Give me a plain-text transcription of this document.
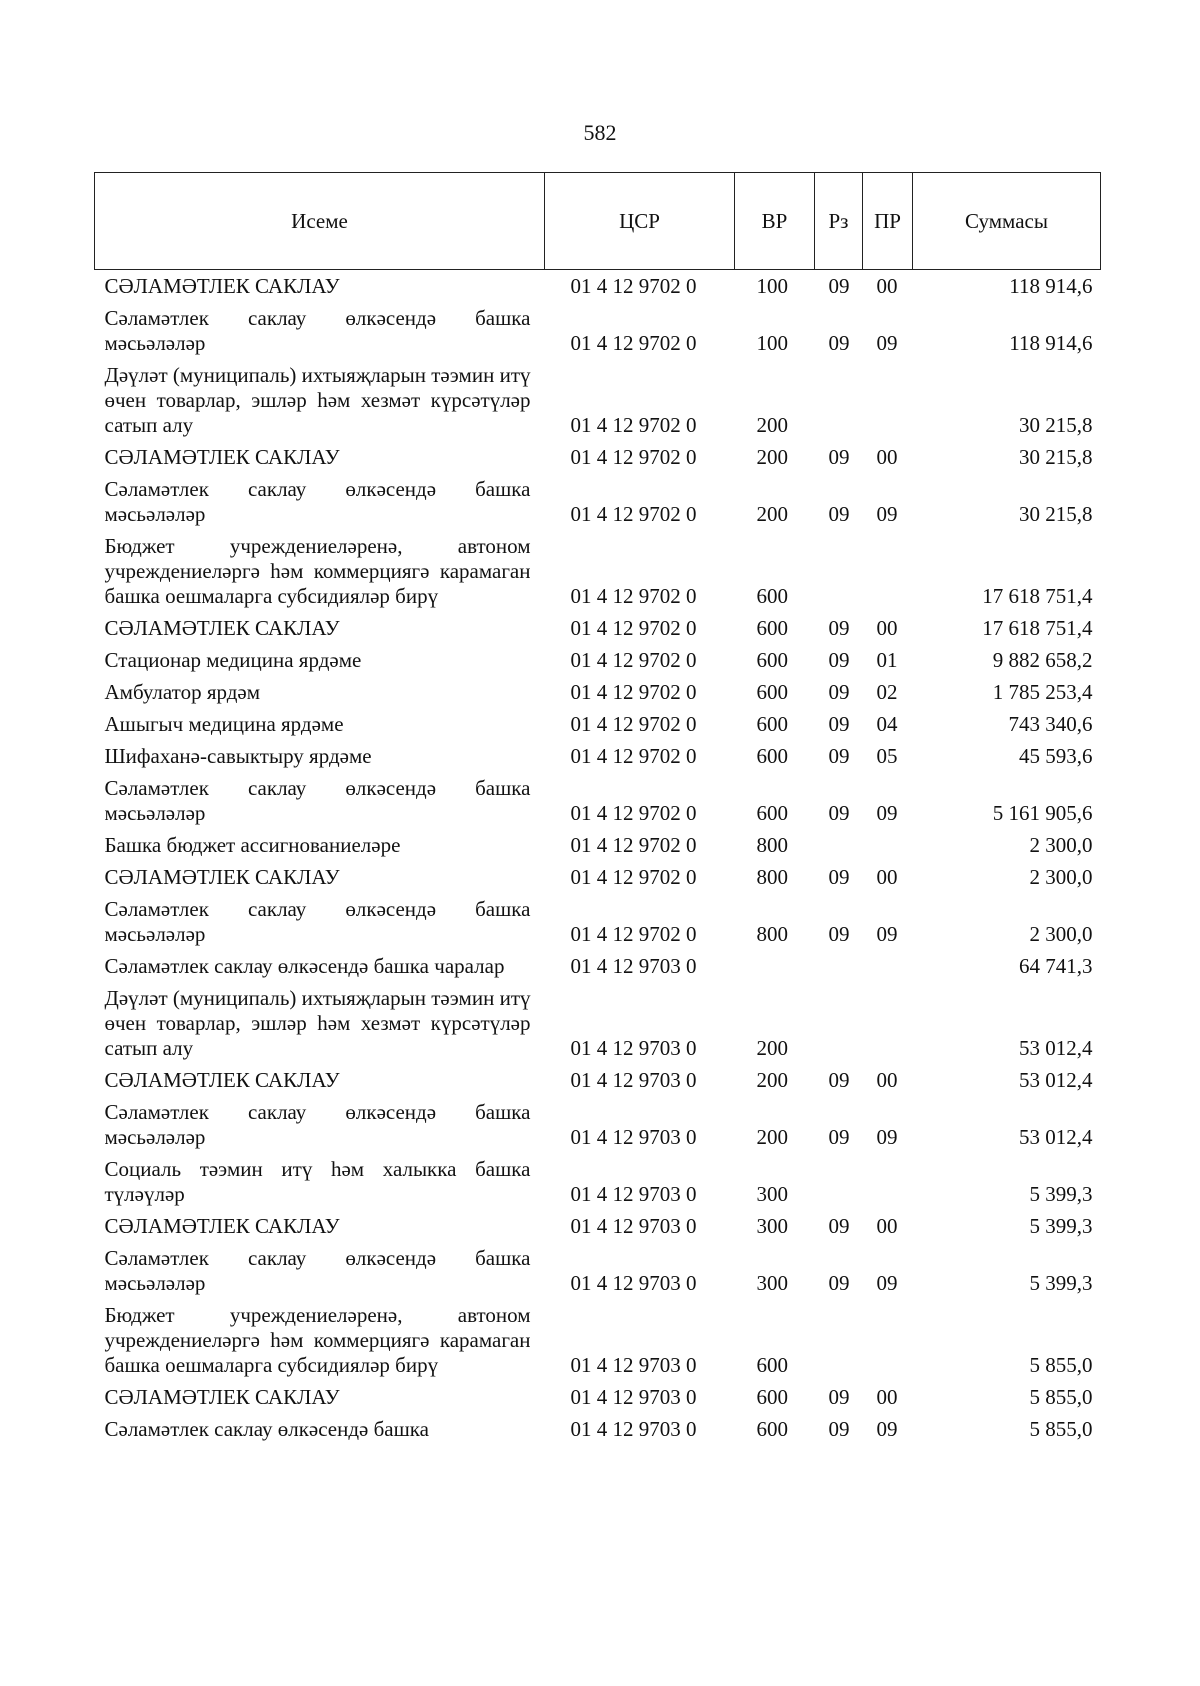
582
Исеме	ЦСР	ВР	Рз	ПР	Суммасы
СӘЛАМӘТЛЕК САКЛАУ	01 4 12 9702 0	100	09	00	118 914,6
Сәламәтлек саклау өлкәсендә башка мәсьәләләр	01 4 12 9702 0	100	09	09	118 914,6
Дәүләт (муниципаль) ихтыяҗларын тәэмин итү өчен товарлар, эшләр һәм хезмәт күрсәтүләр сатып алу	01 4 12 9702 0	200			30 215,8
СӘЛАМӘТЛЕК САКЛАУ	01 4 12 9702 0	200	09	00	30 215,8
Сәламәтлек саклау өлкәсендә башка мәсьәләләр	01 4 12 9702 0	200	09	09	30 215,8
Бюджет учреждениеләренә, автоном учреждениеләргә һәм коммерциягә карамаган башка оешмаларга субсидияләр бирү	01 4 12 9702 0	600			17 618 751,4
СӘЛАМӘТЛЕК САКЛАУ	01 4 12 9702 0	600	09	00	17 618 751,4
Стационар медицина ярдәме	01 4 12 9702 0	600	09	01	9 882 658,2
Амбулатор ярдәм	01 4 12 9702 0	600	09	02	1 785 253,4
Ашыгыч медицина ярдәме	01 4 12 9702 0	600	09	04	743 340,6
Шифаханә-савыктыру ярдәме	01 4 12 9702 0	600	09	05	45 593,6
Сәламәтлек саклау өлкәсендә башка мәсьәләләр	01 4 12 9702 0	600	09	09	5 161 905,6
Башка бюджет ассигнованиеләре	01 4 12 9702 0	800			2 300,0
СӘЛАМӘТЛЕК САКЛАУ	01 4 12 9702 0	800	09	00	2 300,0
Сәламәтлек саклау өлкәсендә башка мәсьәләләр	01 4 12 9702 0	800	09	09	2 300,0
Сәламәтлек саклау өлкәсендә башка чаралар	01 4 12 9703 0				64 741,3
Дәүләт (муниципаль) ихтыяҗларын тәэмин итү өчен товарлар, эшләр һәм хезмәт күрсәтүләр сатып алу	01 4 12 9703 0	200			53 012,4
СӘЛАМӘТЛЕК САКЛАУ	01 4 12 9703 0	200	09	00	53 012,4
Сәламәтлек саклау өлкәсендә башка мәсьәләләр	01 4 12 9703 0	200	09	09	53 012,4
Социаль тәэмин итү һәм халыкка башка түләүләр	01 4 12 9703 0	300			5 399,3
СӘЛАМӘТЛЕК САКЛАУ	01 4 12 9703 0	300	09	00	5 399,3
Сәламәтлек саклау өлкәсендә башка мәсьәләләр	01 4 12 9703 0	300	09	09	5 399,3
Бюджет учреждениеләренә, автоном учреждениеләргә һәм коммерциягә карамаган башка оешмаларга субсидияләр бирү	01 4 12 9703 0	600			5 855,0
СӘЛАМӘТЛЕК САКЛАУ	01 4 12 9703 0	600	09	00	5 855,0
Сәламәтлек саклау өлкәсендә башка	01 4 12 9703 0	600	09	09	5 855,0
